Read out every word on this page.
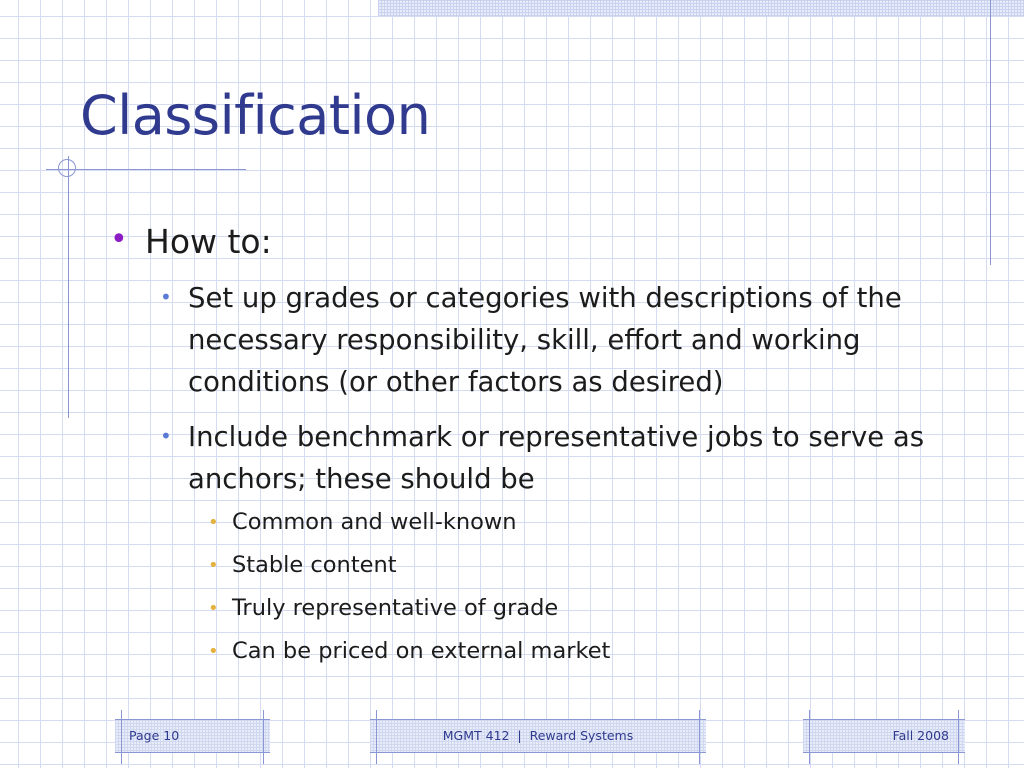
Classification
• How to:
• Set up grades or categories with descriptions of the necessary responsibility, skill, effort and working conditions (or other factors as desired)
• Include benchmark or representative jobs to serve as anchors; these should be
• Common and well-known
• Stable content
• Truly representative of grade
• Can be priced on external market
Page 10	MGMT 412  |  Reward Systems	Fall 2008
